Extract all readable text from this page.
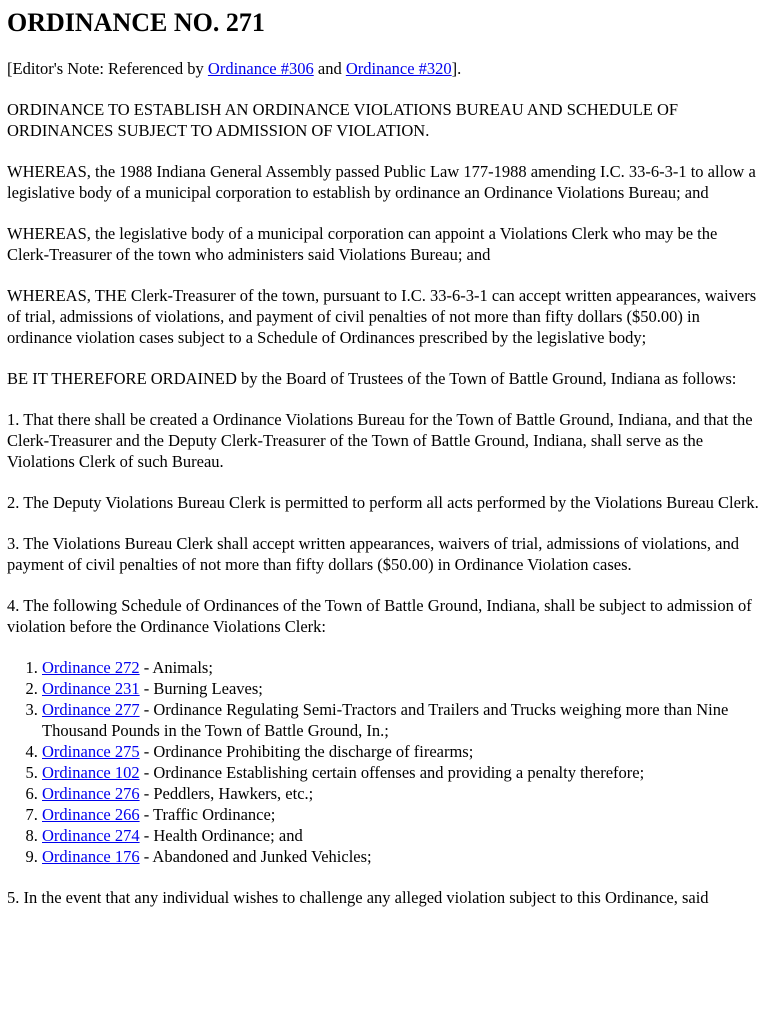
ORDINANCE NO. 271

[Editor's Note: Referenced by Ordinance #306 and Ordinance #320].

ORDINANCE TO ESTABLISH AN ORDINANCE VIOLATIONS BUREAU AND SCHEDULE OF ORDINANCES SUBJECT TO ADMISSION OF VIOLATION.

WHEREAS, the 1988 Indiana General Assembly passed Public Law 177-1988 amending I.C. 33-6-3-1 to allow a legislative body of a municipal corporation to establish by ordinance an Ordinance Violations Bureau; and

WHEREAS, the legislative body of a municipal corporation can appoint a Violations Clerk who may be the Clerk-Treasurer of the town who administers said Violations Bureau; and

WHEREAS, THE Clerk-Treasurer of the town, pursuant to I.C. 33-6-3-1 can accept written appearances, waivers of trial, admissions of violations, and payment of civil penalties of not more than fifty dollars ($50.00) in ordinance violation cases subject to a Schedule of Ordinances prescribed by the legislative body;

BE IT THEREFORE ORDAINED by the Board of Trustees of the Town of Battle Ground, Indiana as follows:

1. That there shall be created a Ordinance Violations Bureau for the Town of Battle Ground, Indiana, and that the Clerk-Treasurer and the Deputy Clerk-Treasurer of the Town of Battle Ground, Indiana, shall serve as the Violations Clerk of such Bureau.

2. The Deputy Violations Bureau Clerk is permitted to perform all acts performed by the Violations Bureau Clerk.

3. The Violations Bureau Clerk shall accept written appearances, waivers of trial, admissions of violations, and payment of civil penalties of not more than fifty dollars ($50.00) in Ordinance Violation cases.

4. The following Schedule of Ordinances of the Town of Battle Ground, Indiana, shall be subject to admission of violation before the Ordinance Violations Clerk:

1. Ordinance 272 - Animals;
2. Ordinance 231 - Burning Leaves;
3. Ordinance 277 - Ordinance Regulating Semi-Tractors and Trailers and Trucks weighing more than Nine Thousand Pounds in the Town of Battle Ground, In.;
4. Ordinance 275 - Ordinance Prohibiting the discharge of firearms;
5. Ordinance 102 - Ordinance Establishing certain offenses and providing a penalty therefore;
6. Ordinance 276 - Peddlers, Hawkers, etc.;
7. Ordinance 266 - Traffic Ordinance;
8. Ordinance 274 - Health Ordinance; and
9. Ordinance 176 - Abandoned and Junked Vehicles;

5. In the event that any individual wishes to challenge any alleged violation subject to this Ordinance, said
